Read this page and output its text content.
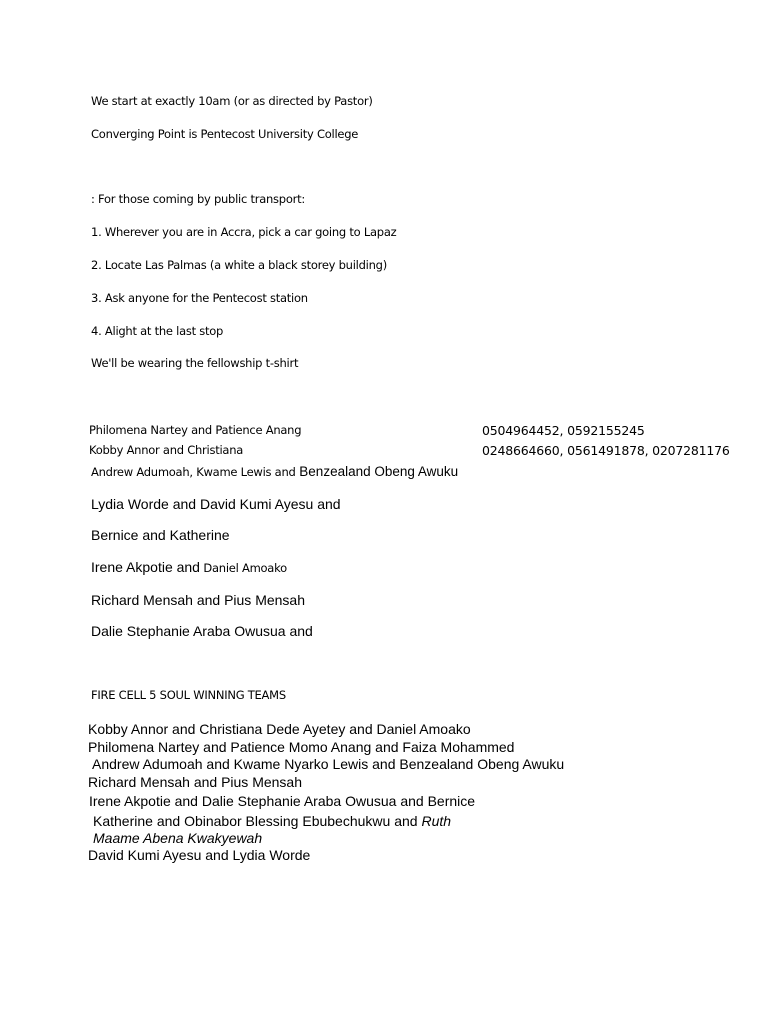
We start at exactly 10am (or as directed by Pastor)
Converging Point is Pentecost University College
: For those coming by public transport:
1. Wherever you are in Accra, pick a car going to Lapaz
2. Locate Las Palmas (a white a black storey building)
3. Ask anyone for the Pentecost station
4. Alight at the last stop
We'll be wearing the fellowship t-shirt
Philomena Nartey and Patience Anang	0504964452, 0592155245
Kobby Annor and Christiana	0248664660, 0561491878, 0207281176
Andrew Adumoah, Kwame Lewis and Benzealand Obeng Awuku
Lydia Worde and David Kumi Ayesu and
Bernice and Katherine
Irene Akpotie and Daniel Amoako
Richard Mensah and Pius Mensah
Dalie Stephanie Araba Owusua and
FIRE CELL 5 SOUL WINNING TEAMS
Kobby Annor and Christiana Dede Ayetey and Daniel Amoako
Philomena Nartey and Patience Momo Anang and Faiza Mohammed
Andrew Adumoah and Kwame Nyarko Lewis and Benzealand Obeng Awuku
Richard Mensah and Pius Mensah
Irene Akpotie and Dalie Stephanie Araba Owusua and Bernice
Katherine and Obinabor Blessing Ebubechukwu and Ruth
Maame Abena Kwakyewah
David Kumi Ayesu and Lydia Worde
